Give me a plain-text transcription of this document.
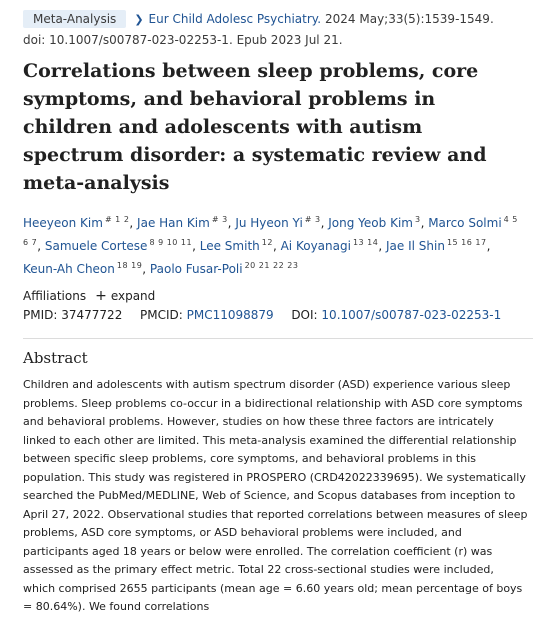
Meta-Analysis	❯ Eur Child Adolesc Psychiatry. 2024 May;33(5):1539-1549.
doi: 10.1007/s00787-023-02253-1. Epub 2023 Jul 21.
Correlations between sleep problems, core symptoms, and behavioral problems in children and adolescents with autism spectrum disorder: a systematic review and meta-analysis
Heeyeon Kim $^{\# 1 2}$, Jae Han Kim $^{\# 3}$, Ju Hyeon Yi $^{\# 3}$, Jong Yeob Kim $^3$, Marco Solmi $^{4 5 6 7}$, Samuele Cortese $^{8 9 10 11}$, Lee Smith $^{12}$, Ai Koyanagi $^{13 14}$, Jae Il Shin $^{15 16 17}$, Keun-Ah Cheon $^{18 19}$, Paolo Fusar-Poli $^{20 21 22 23}$
Affiliations + expand
PMID: 37477722 PMCID: PMC11098879 DOI: 10.1007/s00787-023-02253-1
Abstract
Children and adolescents with autism spectrum disorder (ASD) experience various sleep problems. Sleep problems co-occur in a bidirectional relationship with ASD core symptoms and behavioral problems. However, studies on how these three factors are intricately linked to each other are limited. This meta-analysis examined the differential relationship between specific sleep problems, core symptoms, and behavioral problems in this population. This study was registered in PROSPERO (CRD42022339695). We systematically searched the PubMed/MEDLINE, Web of Science, and Scopus databases from inception to April 27, 2022. Observational studies that reported correlations between measures of sleep problems, ASD core symptoms, or ASD behavioral problems were included, and participants aged 18 years or below were enrolled. The correlation coefficient (r) was assessed as the primary effect metric. Total 22 cross-sectional studies were included, which comprised 2655 participants (mean age = 6.60 years old; mean percentage of boys = 80.64%). We found correlations
